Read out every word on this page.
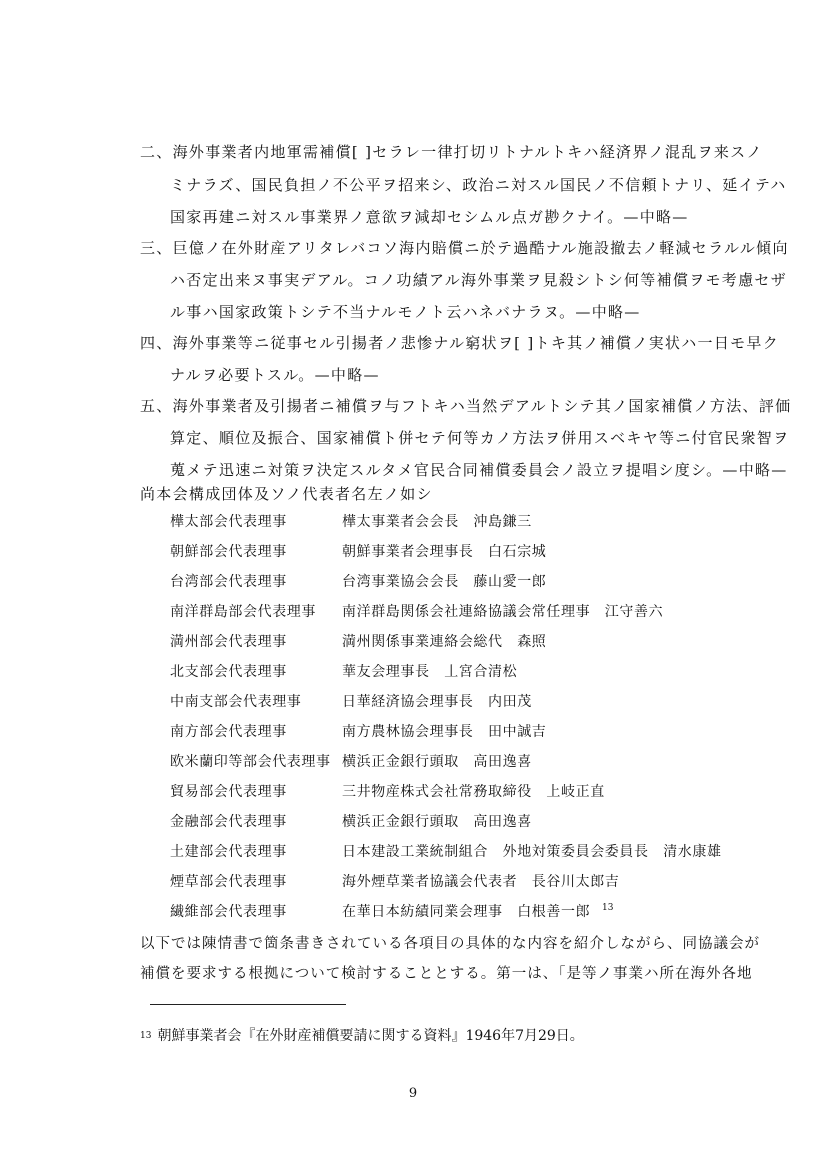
二、海外事業者内地軍需補償[ ]セラレ一律打切リトナルトキハ経済界ノ混乱ヲ来スノ
ミナラズ、国民負担ノ不公平ヲ招来シ、政治ニ対スル国民ノ不信頼トナリ、延イテハ
国家再建ニ対スル事業界ノ意欲ヲ減却セシムル点ガ尠クナイ。—中略—
三、巨億ノ在外財産アリタレバコソ海内賠償ニ於テ過酷ナル施設撤去ノ軽減セラルル傾向
ハ否定出来ヌ事実デアル。コノ功績アル海外事業ヲ見殺シトシ何等補償ヲモ考慮セザ
ル事ハ国家政策トシテ不当ナルモノト云ハネバナラヌ。—中略—
四、海外事業等ニ従事セル引揚者ノ悲惨ナル窮状ヲ[ ]トキ其ノ補償ノ実状ハ一日モ早ク
ナルヲ必要トスル。—中略—
五、海外事業者及引揚者ニ補償ヲ与フトキハ当然デアルトシテ其ノ国家補償ノ方法、評価
算定、順位及振合、国家補償ト併セテ何等カノ方法ヲ併用スベキヤ等ニ付官民衆智ヲ
蒐メテ迅速ニ対策ヲ決定スルタメ官民合同補償委員会ノ設立ヲ提唱シ度シ。—中略—
尚本会構成団体及ソノ代表者名左ノ如シ
樺太部会代表理事	樺太事業者会会長　沖島鎌三
朝鮮部会代表理事	朝鮮事業者会理事長　白石宗城
台湾部会代表理事	台湾事業協会会長　藤山愛一郎
南洋群島部会代表理事 南洋群島関係会社連絡協議会常任理事　江守善六
満州部会代表理事	満州関係事業連絡会総代　森照
北支部会代表理事	華友会理事長　丄宮合清松
中南支部会代表理事	日華経済協会理事長　内田茂
南方部会代表理事	南方農林協会理事長　田中誠吉
欧米蘭印等部会代表理事 横浜正金銀行頭取　高田逸喜
貿易部会代表理事	三井物産株式会社常務取締役　上岐正直
金融部会代表理事	横浜正金銀行頭取　高田逸喜
土建部会代表理事	日本建設工業統制組合　外地対策委員会委員長　清水康雄
煙草部会代表理事	海外煙草業者協議会代表者　長谷川太郎吉
繊維部会代表理事	在華日本紡績同業会理事　白根善一郎 13
以下では陳情書で箇条書きされている各項目の具体的な内容を紹介しながら、同協議会が
補償を要求する根拠について検討することとする。第一は、「是等ノ事業ハ所在海外各地
$^{13}$ 朝鮮事業者会『在外財産補償要請に関する資料』1946年7月29日。
9
